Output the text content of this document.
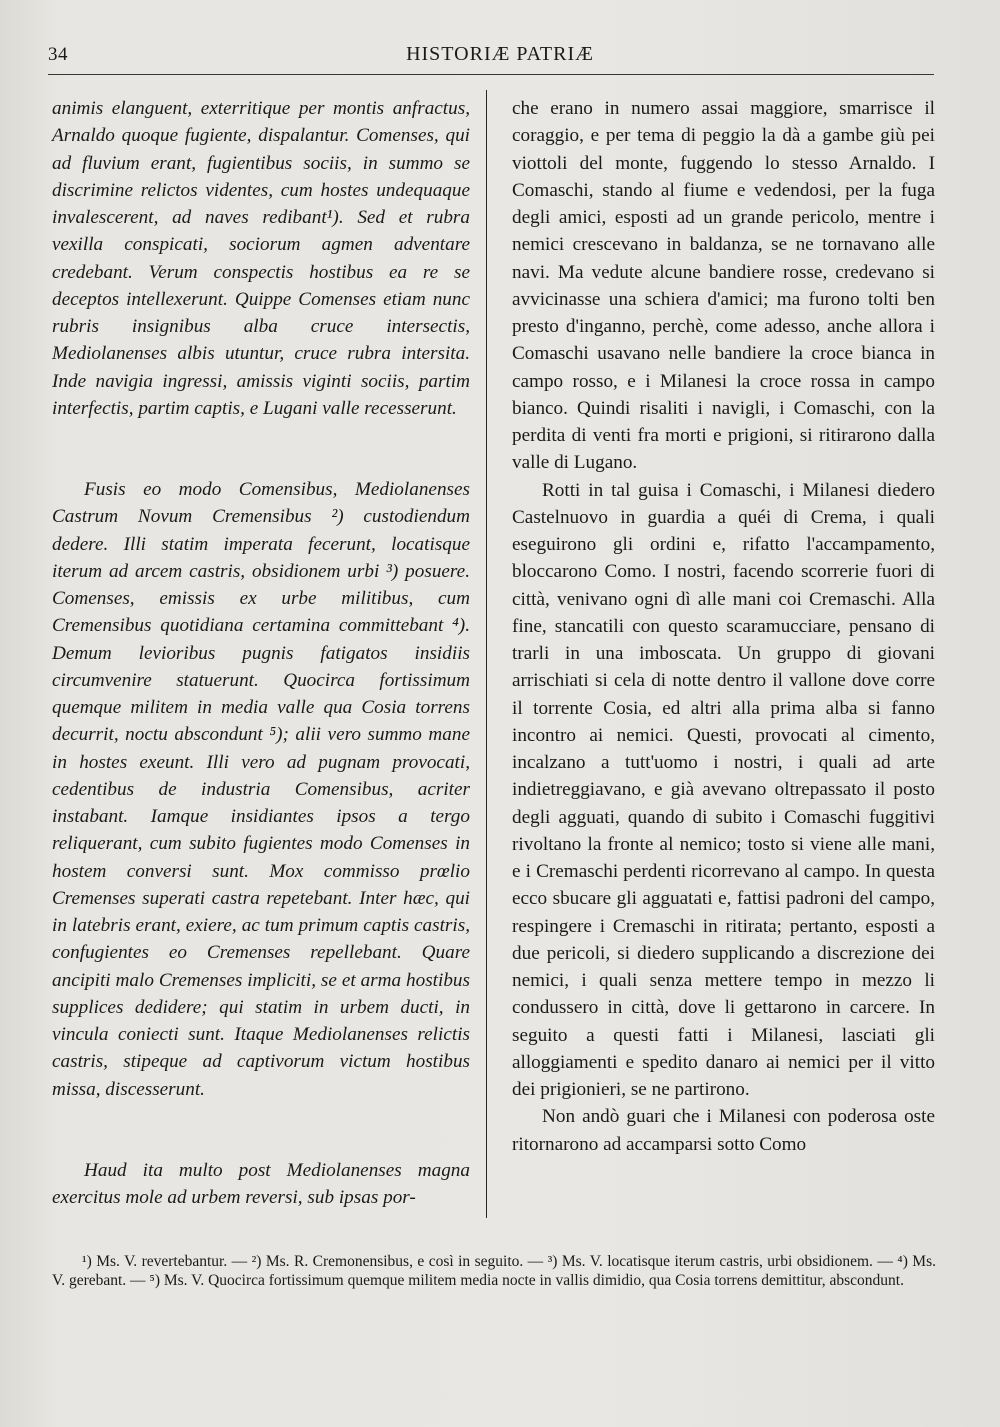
34	HISTORIÆ PATRIÆ

animis elanguent, exterritique per montis anfractus, Arnaldo quoque fugiente, dispalantur. Comenses, qui ad fluvium erant, fugientibus sociis, in summo se discrimine relictos videntes, cum hostes undequaque invalescerent, ad naves redibant¹). Sed et rubra vexilla conspicati, sociorum agmen adventare credebant. Verum conspectis hostibus ea re se deceptos intellexerunt. Quippe Comenses etiam nunc rubris insignibus alba cruce intersectis, Mediolanenses albis utuntur, cruce rubra intersita. Inde navigia ingressi, amissis viginti sociis, partim interfectis, partim captis, e Lugani valle recesserunt.

Fusis eo modo Comensibus, Mediolanenses Castrum Novum Cremensibus ²) custodiendum dedere. Illi statim imperata fecerunt, locatisque iterum ad arcem castris, obsidionem urbi ³) posuere. Comenses, emissis ex urbe militibus, cum Cremensibus quotidiana certamina committebant ⁴). Demum levioribus pugnis fatigatos insidiis circumvenire statuerunt. Quocirca fortissimum quemque militem in media valle qua Cosia torrens decurrit, noctu abscondunt ⁵); alii vero summo mane in hostes exeunt. Illi vero ad pugnam provocati, cedentibus de industria Comensibus, acriter instabant. Iamque insidiantes ipsos a tergo reliquerant, cum subito fugientes modo Comenses in hostem conversi sunt. Mox commisso prœlio Cremenses superati castra repetebant. Inter hæc, qui in latebris erant, exiere, ac tum primum captis castris, confugientes eo Cremenses repellebant. Quare ancipiti malo Cremenses impliciti, se et arma hostibus supplices dedidere; qui statim in urbem ducti, in vincula coniecti sunt. Itaque Mediolanenses relictis castris, stipeque ad captivorum victum hostibus missa, discesserunt.

Haud ita multo post Mediolanenses magna exercitus mole ad urbem reversi, sub ipsas por-

che erano in numero assai maggiore, smarrisce il coraggio, e per tema di peggio la dà a gambe giù pei viottoli del monte, fuggendo lo stesso Arnaldo. I Comaschi, stando al fiume e vedendosi, per la fuga degli amici, esposti ad un grande pericolo, mentre i nemici crescevano in baldanza, se ne tornavano alle navi. Ma vedute alcune bandiere rosse, credevano si avvicinasse una schiera d'amici; ma furono tolti ben presto d'inganno, perchè, come adesso, anche allora i Comaschi usavano nelle bandiere la croce bianca in campo rosso, e i Milanesi la croce rossa in campo bianco. Quindi risaliti i navigli, i Comaschi, con la perdita di venti fra morti e prigioni, si ritirarono dalla valle di Lugano.

Rotti in tal guisa i Comaschi, i Milanesi diedero Castelnuovo in guardia a quéi di Crema, i quali eseguirono gli ordini e, rifatto l'accampamento, bloccarono Como. I nostri, facendo scorrerie fuori di città, venivano ogni dì alle mani coi Cremaschi. Alla fine, stancatili con questo scaramucciare, pensano di trarli in una imboscata. Un gruppo di giovani arrischiati si cela di notte dentro il vallone dove corre il torrente Cosia, ed altri alla prima alba si fanno incontro ai nemici. Questi, provocati al cimento, incalzano a tutt'uomo i nostri, i quali ad arte indietreggiavano, e già avevano oltrepassato il posto degli agguati, quando di subito i Comaschi fuggitivi rivoltano la fronte al nemico; tosto si viene alle mani, e i Cremaschi perdenti ricorrevano al campo. In questa ecco sbucare gli agguatati e, fattisi padroni del campo, respingere i Cremaschi in ritirata; pertanto, esposti a due pericoli, si diedero supplicando a discrezione dei nemici, i quali senza mettere tempo in mezzo li condussero in città, dove li gettarono in carcere. In seguito a questi fatti i Milanesi, lasciati gli alloggiamenti e spedito danaro ai nemici per il vitto dei prigionieri, se ne partirono.

Non andò guari che i Milanesi con poderosa oste ritornarono ad accamparsi sotto Como

¹) Ms. V. revertebantur. — ²) Ms. R. Cremonensibus, e così in seguito. — ³) Ms. V. locatisque iterum castris, urbi obsidionem. — ⁴) Ms. V. gerebant. — ⁵) Ms. V. Quocirca fortissimum quemque militem media nocte in vallis dimidio, qua Cosia torrens demittitur, abscondunt.
